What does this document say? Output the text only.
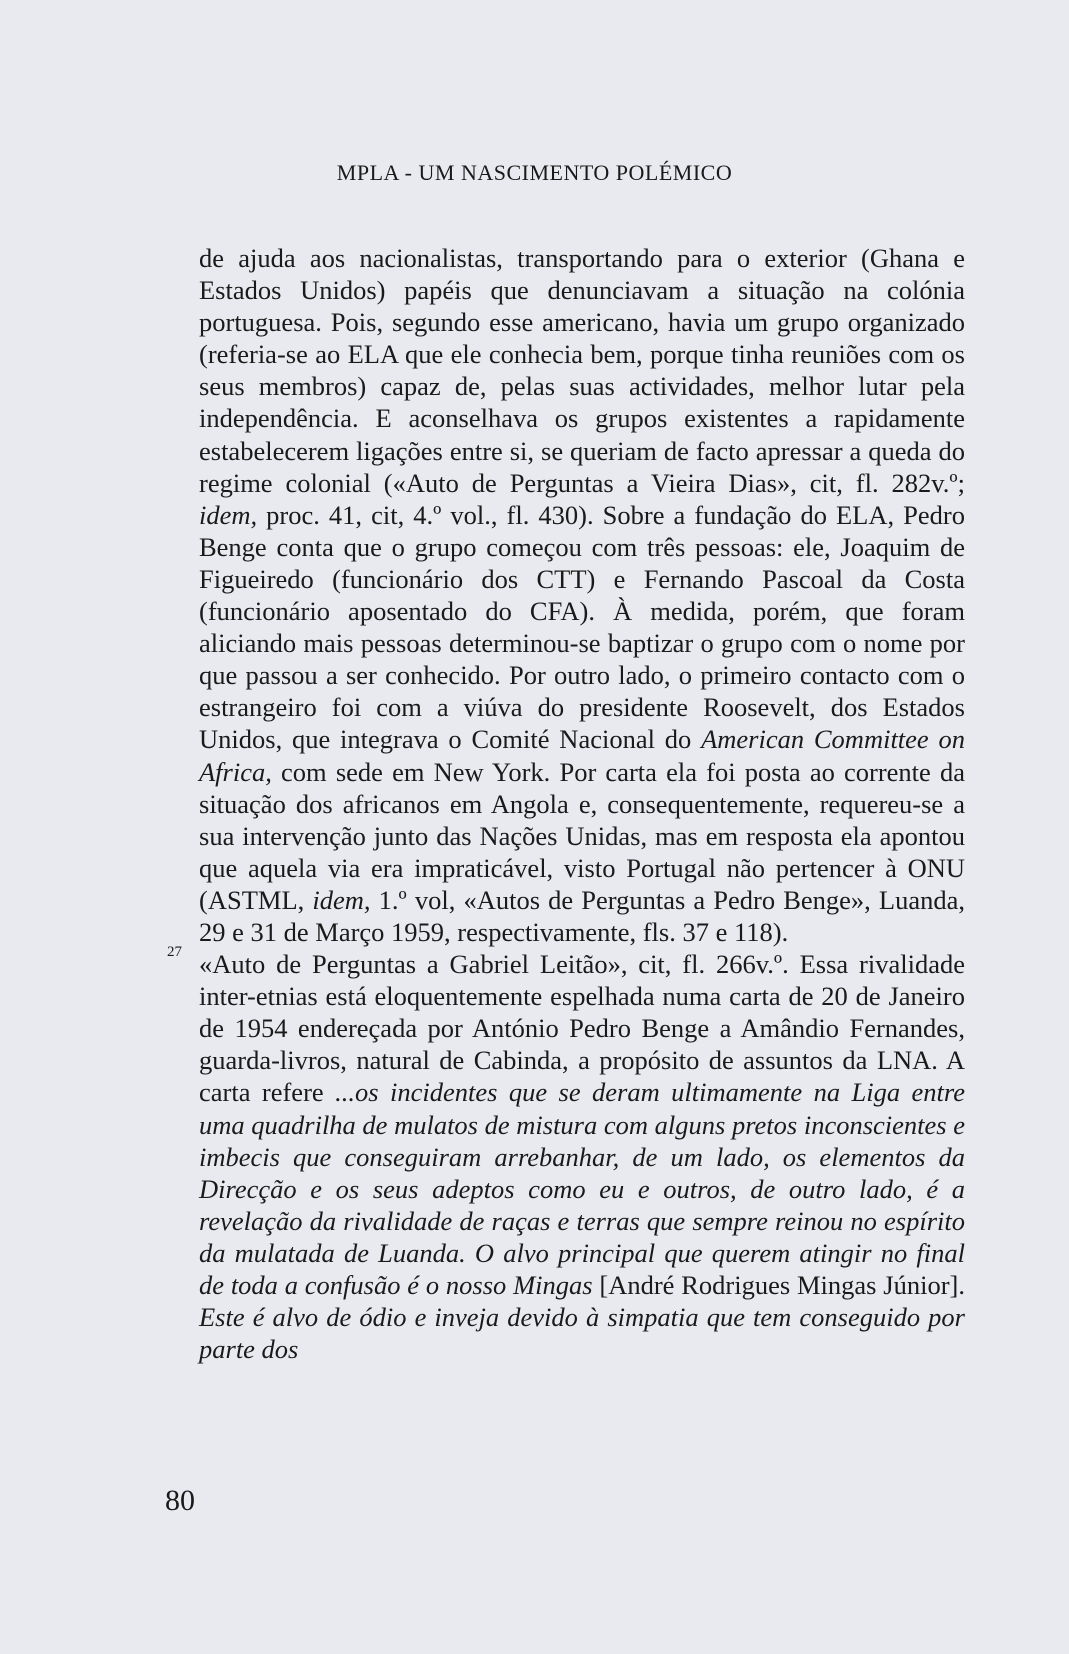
MPLA - UM NASCIMENTO POLÉMICO

de ajuda aos nacionalistas, transportando para o exterior (Ghana e Estados Unidos) papéis que denunciavam a situação na colónia portuguesa. Pois, segundo esse americano, havia um grupo organizado (referia-se ao ELA que ele conhecia bem, porque tinha reuniões com os seus membros) capaz de, pelas suas actividades, melhor lutar pela independência. E aconselhava os grupos existentes a rapidamente estabelecerem ligações entre si, se queriam de facto apressar a queda do regime colonial («Auto de Perguntas a Vieira Dias», cit, fl. 282v.º; idem, proc. 41, cit, 4.º vol., fl. 430). Sobre a fundação do ELA, Pedro Benge conta que o grupo começou com três pessoas: ele, Joaquim de Figueiredo (funcionário dos CTT) e Fernando Pascoal da Costa (funcionário aposentado do CFA). À medida, porém, que foram aliciando mais pessoas determinou-se baptizar o grupo com o nome por que passou a ser conhecido. Por outro lado, o primeiro contacto com o estrangeiro foi com a viúva do presidente Roosevelt, dos Estados Unidos, que integrava o Comité Nacional do American Committee on Africa, com sede em New York. Por carta ela foi posta ao corrente da situação dos africanos em Angola e, consequentemente, requereu-se a sua intervenção junto das Nações Unidas, mas em resposta ela apontou que aquela via era impraticável, visto Portugal não pertencer à ONU (ASTML, idem, 1.º vol, «Autos de Perguntas a Pedro Benge», Luanda, 29 e 31 de Março 1959, respectivamente, fls. 37 e 118).

27 «Auto de Perguntas a Gabriel Leitão», cit, fl. 266v.º. Essa rivalidade inter-etnias está eloquentemente espelhada numa carta de 20 de Janeiro de 1954 endereçada por António Pedro Benge a Amândio Fernandes, guarda-livros, natural de Cabinda, a propósito de assuntos da LNA. A carta refere ...os incidentes que se deram ultimamente na Liga entre uma quadrilha de mulatos de mistura com alguns pretos inconscientes e imbecis que conseguiram arrebanhar, de um lado, os elementos da Direcção e os seus adeptos como eu e outros, de outro lado, é a revelação da rivalidade de raças e terras que sempre reinou no espírito da mulatada de Luanda. O alvo principal que querem atingir no final de toda a confusão é o nosso Mingas [André Rodrigues Mingas Júnior]. Este é alvo de ódio e inveja devido à simpatia que tem conseguido por parte dos

80
